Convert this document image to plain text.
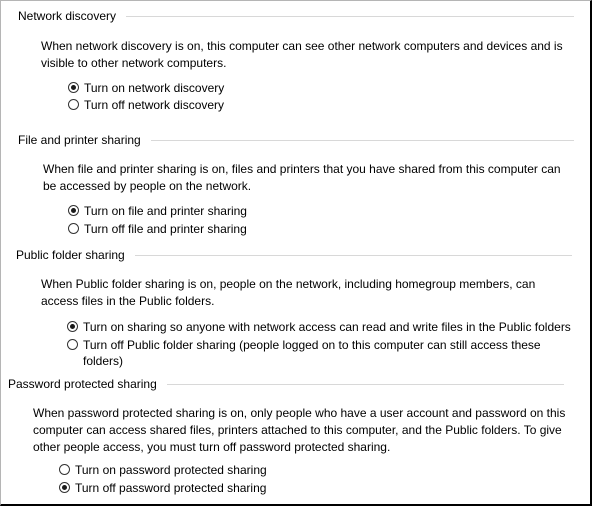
Network discovery

When network discovery is on, this computer can see other network computers and devices and is visible to other network computers.

Turn on network discovery
Turn off network discovery
File and printer sharing

When file and printer sharing is on, files and printers that you have shared from this computer can be accessed by people on the network.

Turn on file and printer sharing
Turn off file and printer sharing
Public folder sharing

When Public folder sharing is on, people on the network, including homegroup members, can access files in the Public folders.

Turn on sharing so anyone with network access can read and write files in the Public folders
Turn off Public folder sharing (people logged on to this computer can still access these folders)
Password protected sharing

When password protected sharing is on, only people who have a user account and password on this computer can access shared files, printers attached to this computer, and the Public folders. To give other people access, you must turn off password protected sharing.

Turn on password protected sharing
Turn off password protected sharing
